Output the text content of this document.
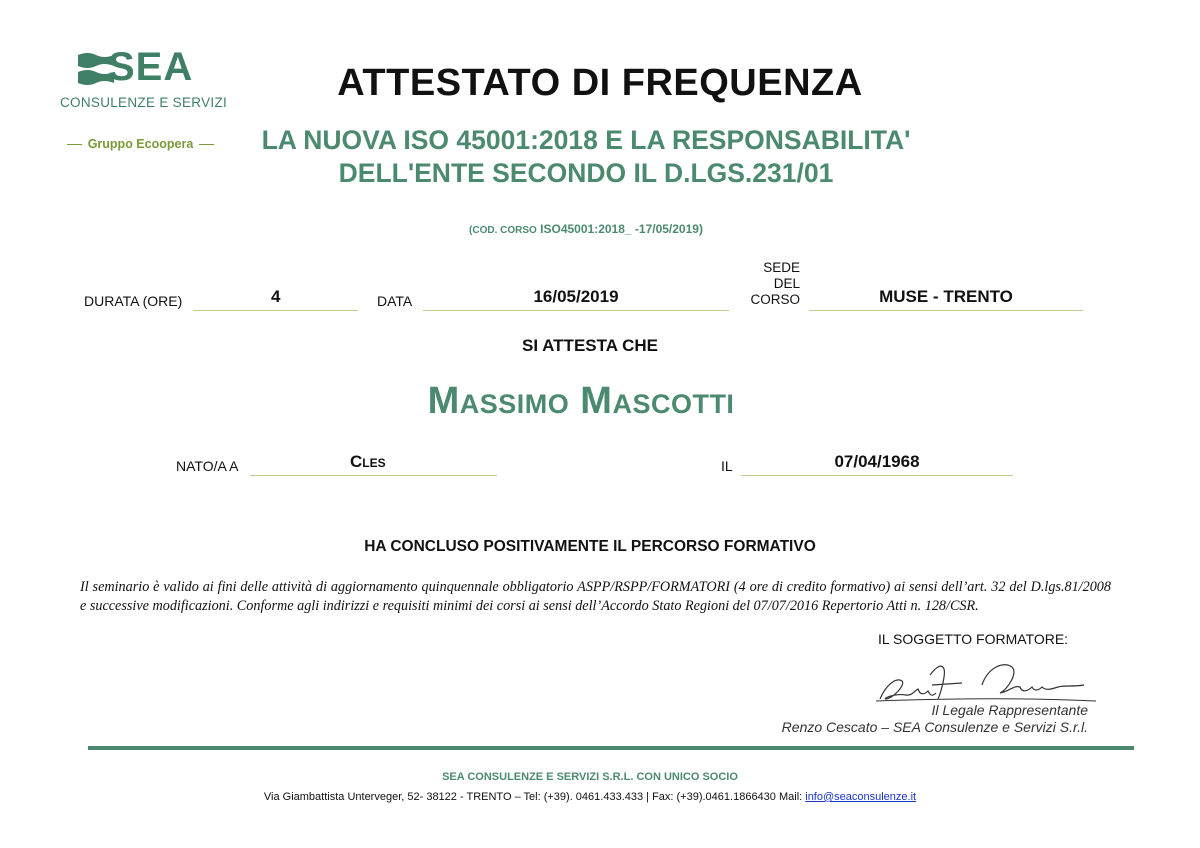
SEA
CONSULENZE E SERVIZI
Gruppo Ecoopera
ATTESTATO DI FREQUENZA
LA NUOVA ISO 45001:2018 E LA RESPONSABILITA' DELL'ENTE SECONDO IL D.LGS.231/01
(COD. CORSO ISO45001:2018_ -17/05/2019)
DURATA (ORE)	4	DATA	16/05/2019
SEDE
DEL
CORSO	MUSE - TRENTO
SI ATTESTA CHE
Massimo Mascotti
NATO/A A	Cles	IL	07/04/1968
HA CONCLUSO POSITIVAMENTE IL PERCORSO FORMATIVO
Il seminario è valido ai fini delle attività di aggiornamento quinquennale obbligatorio ASPP/RSPP/FORMATORI (4 ore di credito formativo) ai sensi dell’art. 32 del D.lgs.81/2008 e successive modificazioni. Conforme agli indirizzi e requisiti minimi dei corsi ai sensi dell’Accordo Stato Regioni del 07/07/2016 Repertorio Atti n. 128/CSR.
IL SOGGETTO FORMATORE:
Il Legale Rappresentante
Renzo Cescato – SEA Consulenze e Servizi S.r.l.
SEA CONSULENZE E SERVIZI S.R.L. CON UNICO SOCIO
Via Giambattista Unterveger, 52- 38122 - TRENTO – Tel: (+39). 0461.433.433 | Fax: (+39).0461.1866430 Mail: info@seaconsulenze.it
